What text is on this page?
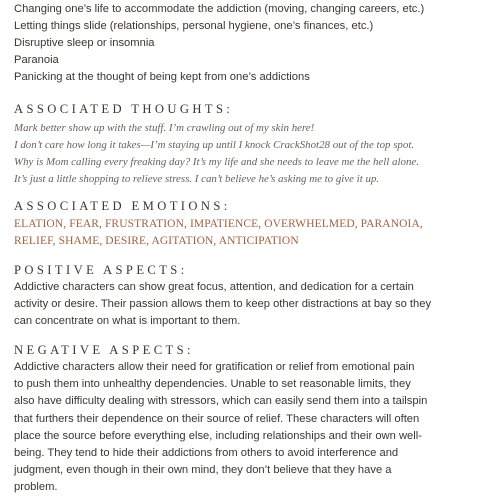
Changing one’s life to accommodate the addiction (moving, changing careers, etc.)
Letting things slide (relationships, personal hygiene, one’s finances, etc.)
Disruptive sleep or insomnia
Paranoia
Panicking at the thought of being kept from one’s addictions
ASSOCIATED THOUGHTS:
Mark better show up with the stuff. I’m crawling out of my skin here!
I don’t care how long it takes—I’m staying up until I knock CrackShot28 out of the top spot.
Why is Mom calling every freaking day? It’s my life and she needs to leave me the hell alone.
It’s just a little shopping to relieve stress. I can’t believe he’s asking me to give it up.
ASSOCIATED EMOTIONS:
ELATION, FEAR, FRUSTRATION, IMPATIENCE, OVERWHELMED, PARANOIA,
RELIEF, SHAME, DESIRE, AGITATION, ANTICIPATION
POSITIVE ASPECTS:
Addictive characters can show great focus, attention, and dedication for a certain
activity or desire. Their passion allows them to keep other distractions at bay so they
can concentrate on what is important to them.
NEGATIVE ASPECTS:
Addictive characters allow their need for gratification or relief from emotional pain
to push them into unhealthy dependencies. Unable to set reasonable limits, they
also have difficulty dealing with stressors, which can easily send them into a tailspin
that furthers their dependence on their source of relief. These characters will often
place the source before everything else, including relationships and their own well-
being. They tend to hide their addictions from others to avoid interference and
judgment, even though in their own mind, they don’t believe that they have a
problem.
